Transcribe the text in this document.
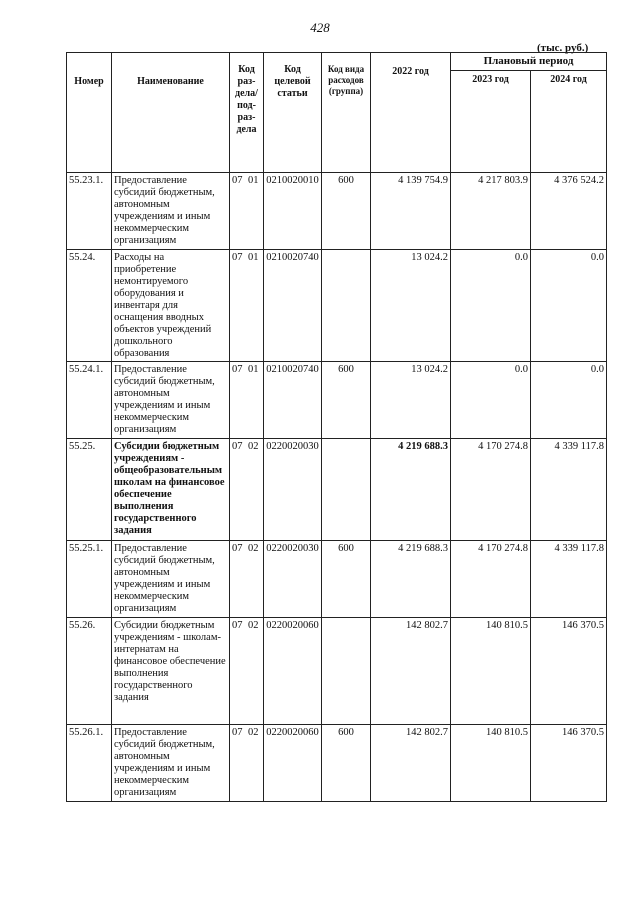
428
(тыс. руб.)
Номер	Наименование	Код раз-дела/ под-раз-дела	Код целевой статьи	Код вида расходов (группа)	2022 год	Плановый период	
						2023 год	2024 год
55.23.1.	Предоставление субсидий бюджетным, автономным учреждениям и иным некоммерческим организациям	07 01	0210020010	600	4 139 754.9	4 217 803.9	4 376 524.2
55.24.	Расходы на приобретение немонтируемого оборудования и инвентаря для оснащения вводных объектов учреждений дошкольного образования	07 01	0210020740		13 024.2	0.0	0.0
55.24.1.	Предоставление субсидий бюджетным, автономным учреждениям и иным некоммерческим организациям	07 01	0210020740	600	13 024.2	0.0	0.0
55.25.	Субсидии бюджетным учреждениям - общеобразовательным школам на финансовое обеспечение выполнения государственного задания	07 02	0220020030		4 219 688.3	4 170 274.8	4 339 117.8
55.25.1.	Предоставление субсидий бюджетным, автономным учреждениям и иным некоммерческим организациям	07 02	0220020030	600	4 219 688.3	4 170 274.8	4 339 117.8
55.26.	Субсидии бюджетным учреждениям - школам-интернатам на финансовое обеспечение выполнения государственного задания	07 02	0220020060		142 802.7	140 810.5	146 370.5
55.26.1.	Предоставление субсидий бюджетным, автономным учреждениям и иным некоммерческим организациям	07 02	0220020060	600	142 802.7	140 810.5	146 370.5
